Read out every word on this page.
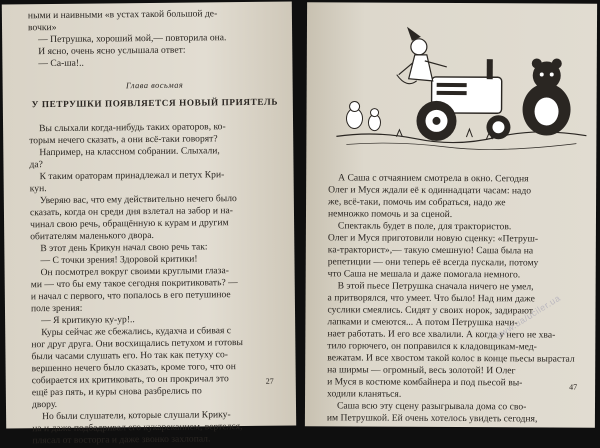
ными и наивными «в устах такой большой де-

вочки»

— Петрушка, хороший мой,— повторила она.

И ясно, очень ясно услышала ответ:

— Са-ша!..

Глава восьмая
У ПЕТРУШКИ ПОЯВЛЯЕТСЯ НОВЫЙ ПРИЯТЕЛЬ

Вы слыхали когда-нибудь таких ораторов, ко-

торым нечего сказать, а они всё-таки говорят?

Например, на классном собрании. Слыхали,

да?

К таким ораторам принадлежал и петух Кри-

кун.

Уверяю вас, что ему действительно нечего было

сказать, когда он среди дня взлетал на забор и на-

чинал свою речь, обращённую к курам и другим

обитателям маленького двора.

В этот день Крикун начал свою речь так:

— С точки зрения! Здоровой критики!

Он посмотрел вокруг своими круглыми глаза-

ми — что бы ему такое сегодня покритиковать? —

и начал с первого, что попалось в его петушиное

поле зрения:

— Я критикую ку-ур!..

Куры сейчас же сбежались, кудахча и сбивая с

ног друг друга. Они восхищались петухом и готовы

были часами слушать его. Но так как петуху со-

вершенно нечего было сказать, кроме того, что он

собирается их критиковать, то он прокричал это

ещё раз пять, и куры снова разбрелись по

двору.

Но были слушатели, которые слушали Крику-

на и даже подбадривал его кукареканием, вертелся,

плясал от восторга и даже звонко захлопал.

27

А Саша с отчаянием смотрела в окно. Сегодня

Олег и Муся ждали её к одиннадцати часам: надо

же, всё-таки, помочь им собраться, надо же

немножко помочь и за сценой.

Спектакль будет в поле, для трактористов.

Олег и Муся приготовили новую сценку: «Петруш-

ка-тракторист»,— такую смешную! Саша была на

репетиции — они теперь её всегда пускали, потому

что Саша не мешала и даже помогала немного.

В этой пьесе Петрушка сначала ничего не умел,

а притворялся, что умеет. Что было! Над ним даже

суслики смеялись. Сидят у своих норок, задирают

лапками и смеются... А потом Петрушка начи-

нает работать. И его все хвалили. А когда у него не хва-

тило горючего, он поправился к кладовщикам-мед-

вежатам. И все хвостом такой колос в конце пьесы вырастал

на ширмы — огромный, весь золотой! И Олег

и Муся в костюме комбайнера и под пьесой вы-

ходили кланяться.

Саша всю эту сцену разыгрывала дома со сво-

им Петрушкой. Ей очень хотелось увидеть сегодня,

47
www.ua/uciler.ua
